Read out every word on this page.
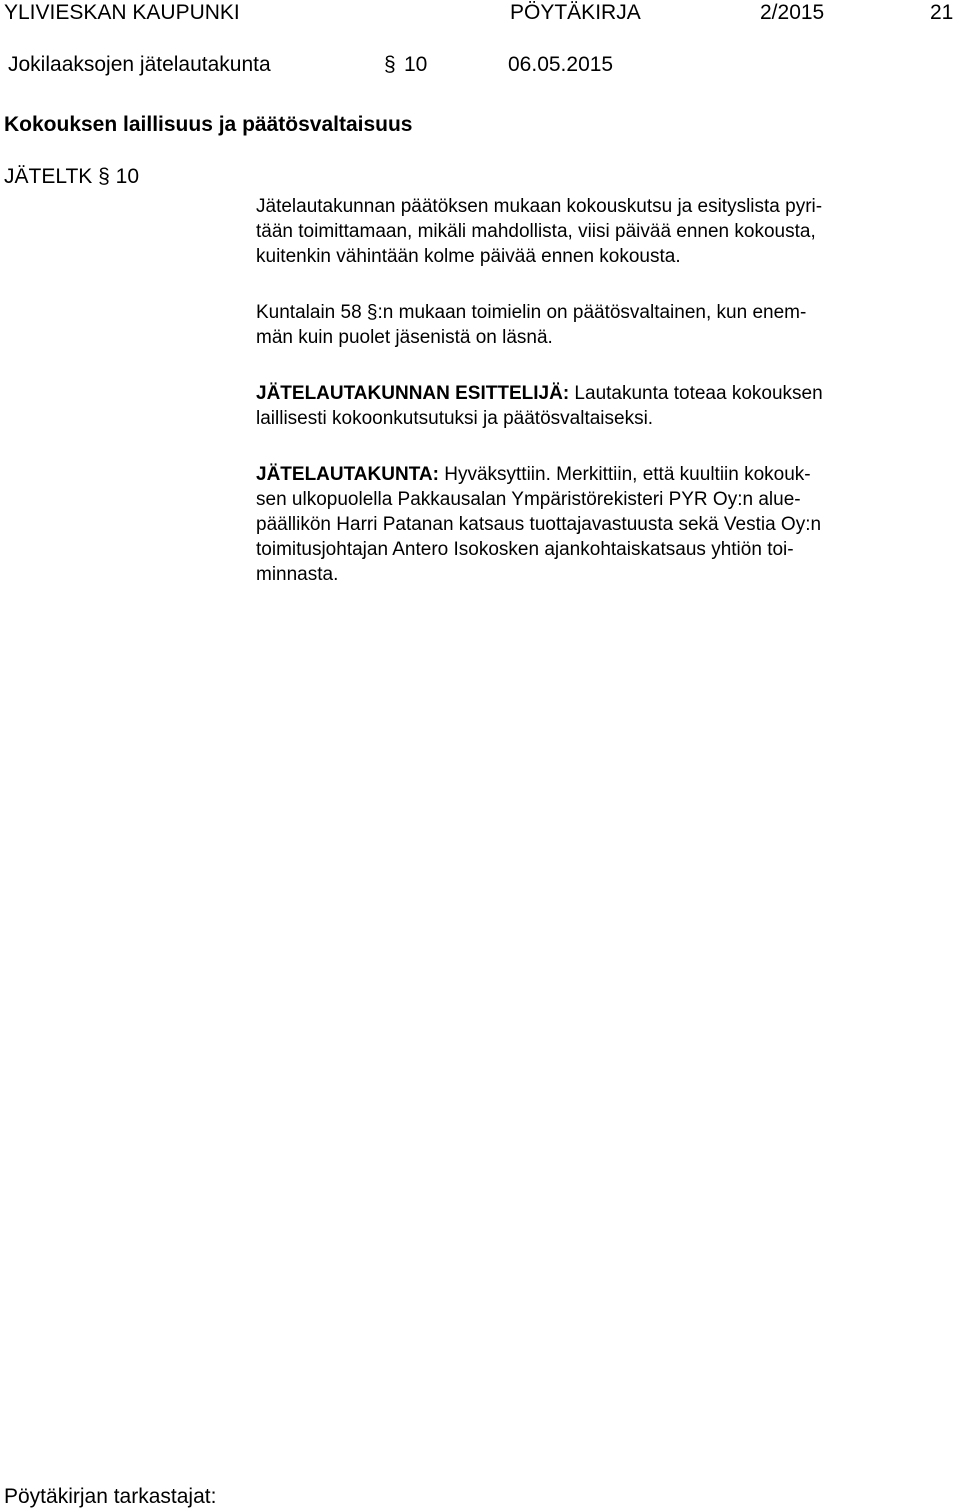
YLIVIESKAN KAUPUNKI	PÖYTÄKIRJA	2/2015	21
Jokilaaksojen jätelautakunta	§ 10	06.05.2015
Kokouksen laillisuus ja päätösvaltaisuus
JÄTELTK § 10
Jätelautakunnan päätöksen mukaan kokouskutsu ja esityslista pyri-
tään toimittamaan, mikäli mahdollista, viisi päivää ennen kokousta,
kuitenkin vähintään kolme päivää ennen kokousta.
Kuntalain 58 §:n mukaan toimielin on päätösvaltainen, kun enem-
män kuin puolet jäsenistä on läsnä.
JÄTELAUTAKUNNAN ESITTELIJÄ: Lautakunta toteaa kokouksen
laillisesti kokoonkutsutuksi ja päätösvaltaiseksi.
JÄTELAUTAKUNTA: Hyväksyttiin. Merkittiin, että kuultiin kokouk-
sen ulkopuolella Pakkausalan Ympäristörekisteri PYR Oy:n alue-
päällikön Harri Patanan katsaus tuottajavastuusta sekä Vestia Oy:n
toimitusjohtajan Antero Isokosken ajankohtaiskatsaus yhtiön toi-
minnasta.
Pöytäkirjan tarkastajat:
